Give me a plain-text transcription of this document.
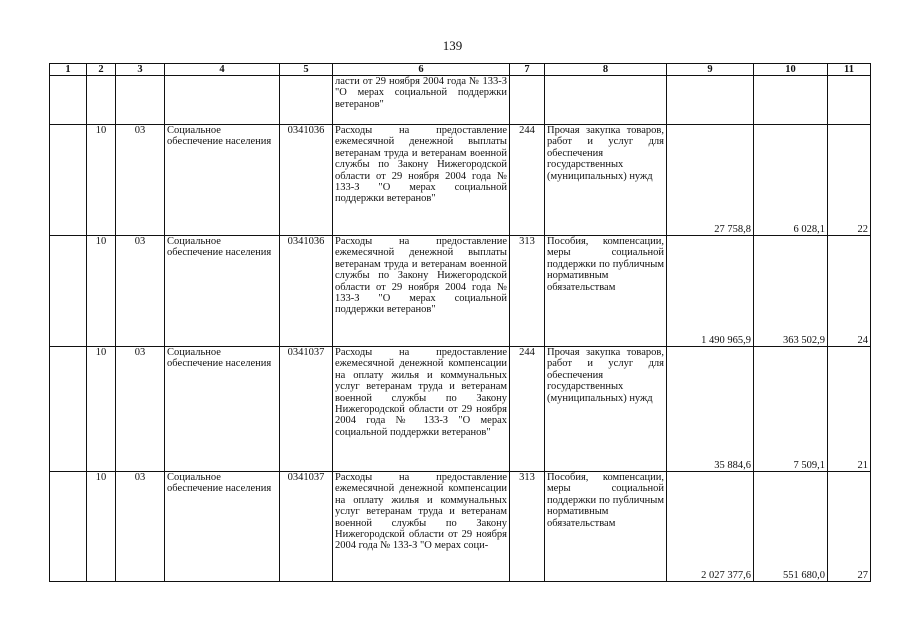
139
1	2	3	4	5	6	7	8	9	10	11
					ласти от 29 ноября 2004 года № 133-З "О мерах социальной поддержки ветеранов"					
	10	03	Социальное обеспечение населения	0341036	Расходы на предоставление ежемесячной денежной выплаты ветеранам труда и ветеранам военной службы по Закону Нижегородской области от 29 ноября 2004 года № 133-З "О мерах социальной поддержки ветеранов"	244	Прочая закупка товаров, работ и услуг для обеспечения государственных (муниципальных) нужд	27 758,8	6 028,1	22
	10	03	Социальное обеспечение населения	0341036	Расходы на предоставление ежемесячной денежной выплаты ветеранам труда и ветеранам военной службы по Закону Нижегородской области от 29 ноября 2004 года № 133-З "О мерах социальной поддержки ветеранов"	313	Пособия, компенсации, меры социальной поддержки по публичным нормативным обязательствам	1 490 965,9	363 502,9	24
	10	03	Социальное обеспечение населения	0341037	Расходы на предоставление ежемесячной денежной компенсации на оплату жилья и коммунальных услуг ветеранам труда и ветеранам военной службы по Закону Нижегородской области от 29 ноября 2004 года № 133-З "О мерах социальной поддержки ветеранов"	244	Прочая закупка товаров, работ и услуг для обеспечения государственных (муниципальных) нужд	35 884,6	7 509,1	21
	10	03	Социальное обеспечение населения	0341037	Расходы на предоставление ежемесячной денежной компенсации на оплату жилья и коммунальных услуг ветеранам труда и ветеранам военной службы по Закону Нижегородской области от 29 ноября 2004 года № 133-З "О мерах соци-	313	Пособия, компенсации, меры социальной поддержки по публичным нормативным обязательствам	2 027 377,6	551 680,0	27
